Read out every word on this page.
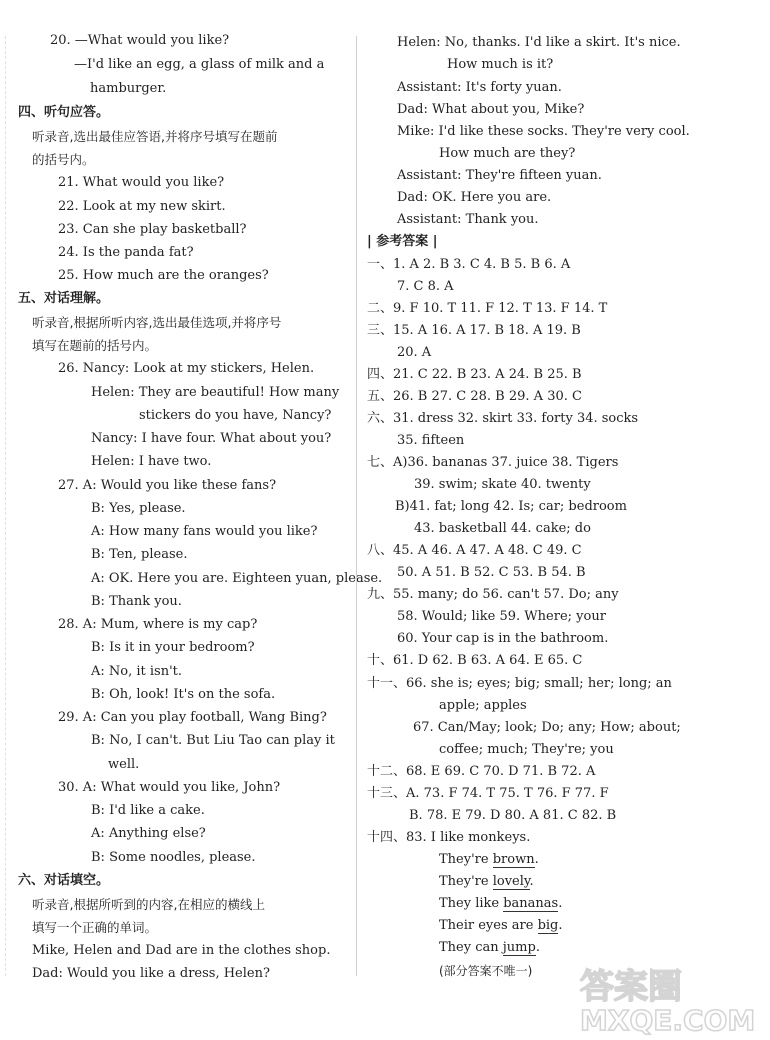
20. —What would you like?
—I'd like an egg, a glass of milk and a
hamburger.
四、听句应答。
听录音,选出最佳应答语,并将序号填写在题前
的括号内。
21. What would you like?
22. Look at my new skirt.
23. Can she play basketball?
24. Is the panda fat?
25. How much are the oranges?
五、对话理解。
听录音,根据所听内容,选出最佳选项,并将序号
填写在题前的括号内。
26. Nancy: Look at my stickers, Helen.
Helen: They are beautiful! How many
stickers do you have, Nancy?
Nancy: I have four. What about you?
Helen: I have two.
27. A: Would you like these fans?
B: Yes, please.
A: How many fans would you like?
B: Ten, please.
A: OK. Here you are. Eighteen yuan, please.
B: Thank you.
28. A: Mum, where is my cap?
B: Is it in your bedroom?
A: No, it isn't.
B: Oh, look! It's on the sofa.
29. A: Can you play football, Wang Bing?
B: No, I can't. But Liu Tao can play it
well.
30. A: What would you like, John?
B: I'd like a cake.
A: Anything else?
B: Some noodles, please.
六、对话填空。
听录音,根据所听到的内容,在相应的横线上
填写一个正确的单词。
Mike, Helen and Dad are in the clothes shop.
Dad: Would you like a dress, Helen?
They're brown.
They're lovely.
They like bananas.
Their eyes are big.
They can jump.
(部分答案不唯一)
Helen: No, thanks. I'd like a skirt. It's nice.
How much is it?
Assistant: It's forty yuan.
Dad: What about you, Mike?
Mike: I'd like these socks. They're very cool.
How much are they?
Assistant: They're fifteen yuan.
Dad: OK. Here you are.
Assistant: Thank you.
| 参考答案 |
一、1. A 2. B 3. C 4. B 5. B 6. A
7. C 8. A
二、9. F 10. T 11. F 12. T 13. F 14. T
三、15. A 16. A 17. B 18. A 19. B
20. A
四、21. C 22. B 23. A 24. B 25. B
五、26. B 27. C 28. B 29. A 30. C
六、31. dress 32. skirt 33. forty 34. socks
35. fifteen
七、A)36. bananas 37. juice 38. Tigers
39. swim; skate 40. twenty
B)41. fat; long 42. Is; car; bedroom
43. basketball 44. cake; do
八、45. A 46. A 47. A 48. C 49. C
50. A 51. B 52. C 53. B 54. B
九、55. many; do 56. can't 57. Do; any
58. Would; like 59. Where; your
60. Your cap is in the bathroom.
十、61. D 62. B 63. A 64. E 65. C
十一、66. she is; eyes; big; small; her; long; an
apple; apples
67. Can/May; look; Do; any; How; about;
coffee; much; They're; you
十二、68. E 69. C 70. D 71. B 72. A
十三、A. 73. F 74. T 75. T 76. F 77. F
B. 78. E 79. D 80. A 81. C 82. B
十四、83. I like monkeys.
答案圈
MXQE.COM
